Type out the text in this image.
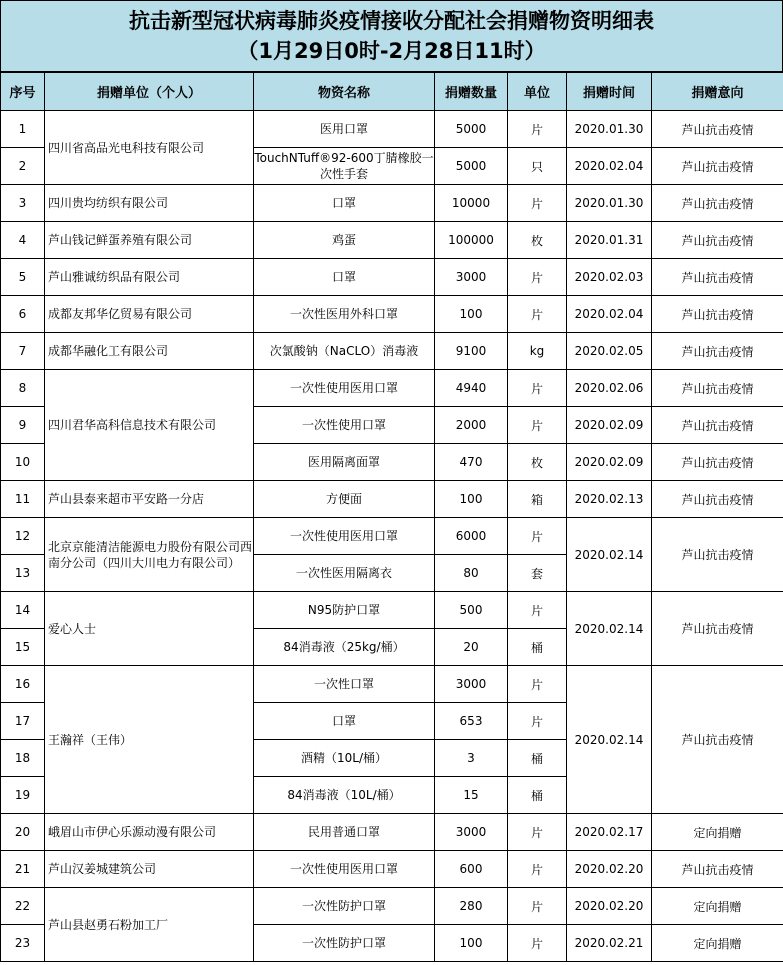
抗击新型冠状病毒肺炎疫情接收分配社会捐赠物资明细表
（1月29日0时-2月28日11时）
序号	捐赠单位（个人）	物资名称	捐赠数量	单位	捐赠时间	捐赠意向
1	四川省高品光电科技有限公司	医用口罩	5000	片	2020.01.30	芦山抗击疫情
2		TouchNTuff®92-600丁腈橡胶一次性手套	5000	只	2020.02.04	芦山抗击疫情
3	四川贵均纺织有限公司	口罩	10000	片	2020.01.30	芦山抗击疫情
4	芦山钱记鲜蛋养殖有限公司	鸡蛋	100000	枚	2020.01.31	芦山抗击疫情
5	芦山雅诚纺织品有限公司	口罩	3000	片	2020.02.03	芦山抗击疫情
6	成都友邦华亿贸易有限公司	一次性医用外科口罩	100	片	2020.02.04	芦山抗击疫情
7	成都华融化工有限公司	次氯酸钠（NaCLO）消毒液	9100	kg	2020.02.05	芦山抗击疫情
8	四川君华高科信息技术有限公司	一次性使用医用口罩	4940	片	2020.02.06	芦山抗击疫情
9		一次性使用口罩	2000	片	2020.02.09	芦山抗击疫情
10		医用隔离面罩	470	枚	2020.02.09	芦山抗击疫情
11	芦山县泰来超市平安路一分店	方便面	100	箱	2020.02.13	芦山抗击疫情
12	北京京能清洁能源电力股份有限公司西南分公司（四川大川电力有限公司）	一次性使用医用口罩	6000	片	2020.02.14	芦山抗击疫情
13		一次性医用隔离衣	80	套		
14	爱心人士	N95防护口罩	500	片	2020.02.14	芦山抗击疫情
15		84消毒液（25kg/桶）	20	桶		
16	王瀚祥（王伟）	一次性口罩	3000	片	2020.02.14	芦山抗击疫情
17		口罩	653	片		
18		酒精（10L/桶）	3	桶		
19		84消毒液（10L/桶）	15	桶		
20	峨眉山市伊心乐源动漫有限公司	民用普通口罩	3000	片	2020.02.17	定向捐赠
21	芦山汉姜城建筑公司	一次性使用医用口罩	600	片	2020.02.20	芦山抗击疫情
22	芦山县赵勇石粉加工厂	一次性防护口罩	280	片	2020.02.20	定向捐赠
23		一次性防护口罩	100	片	2020.02.21	定向捐赠
